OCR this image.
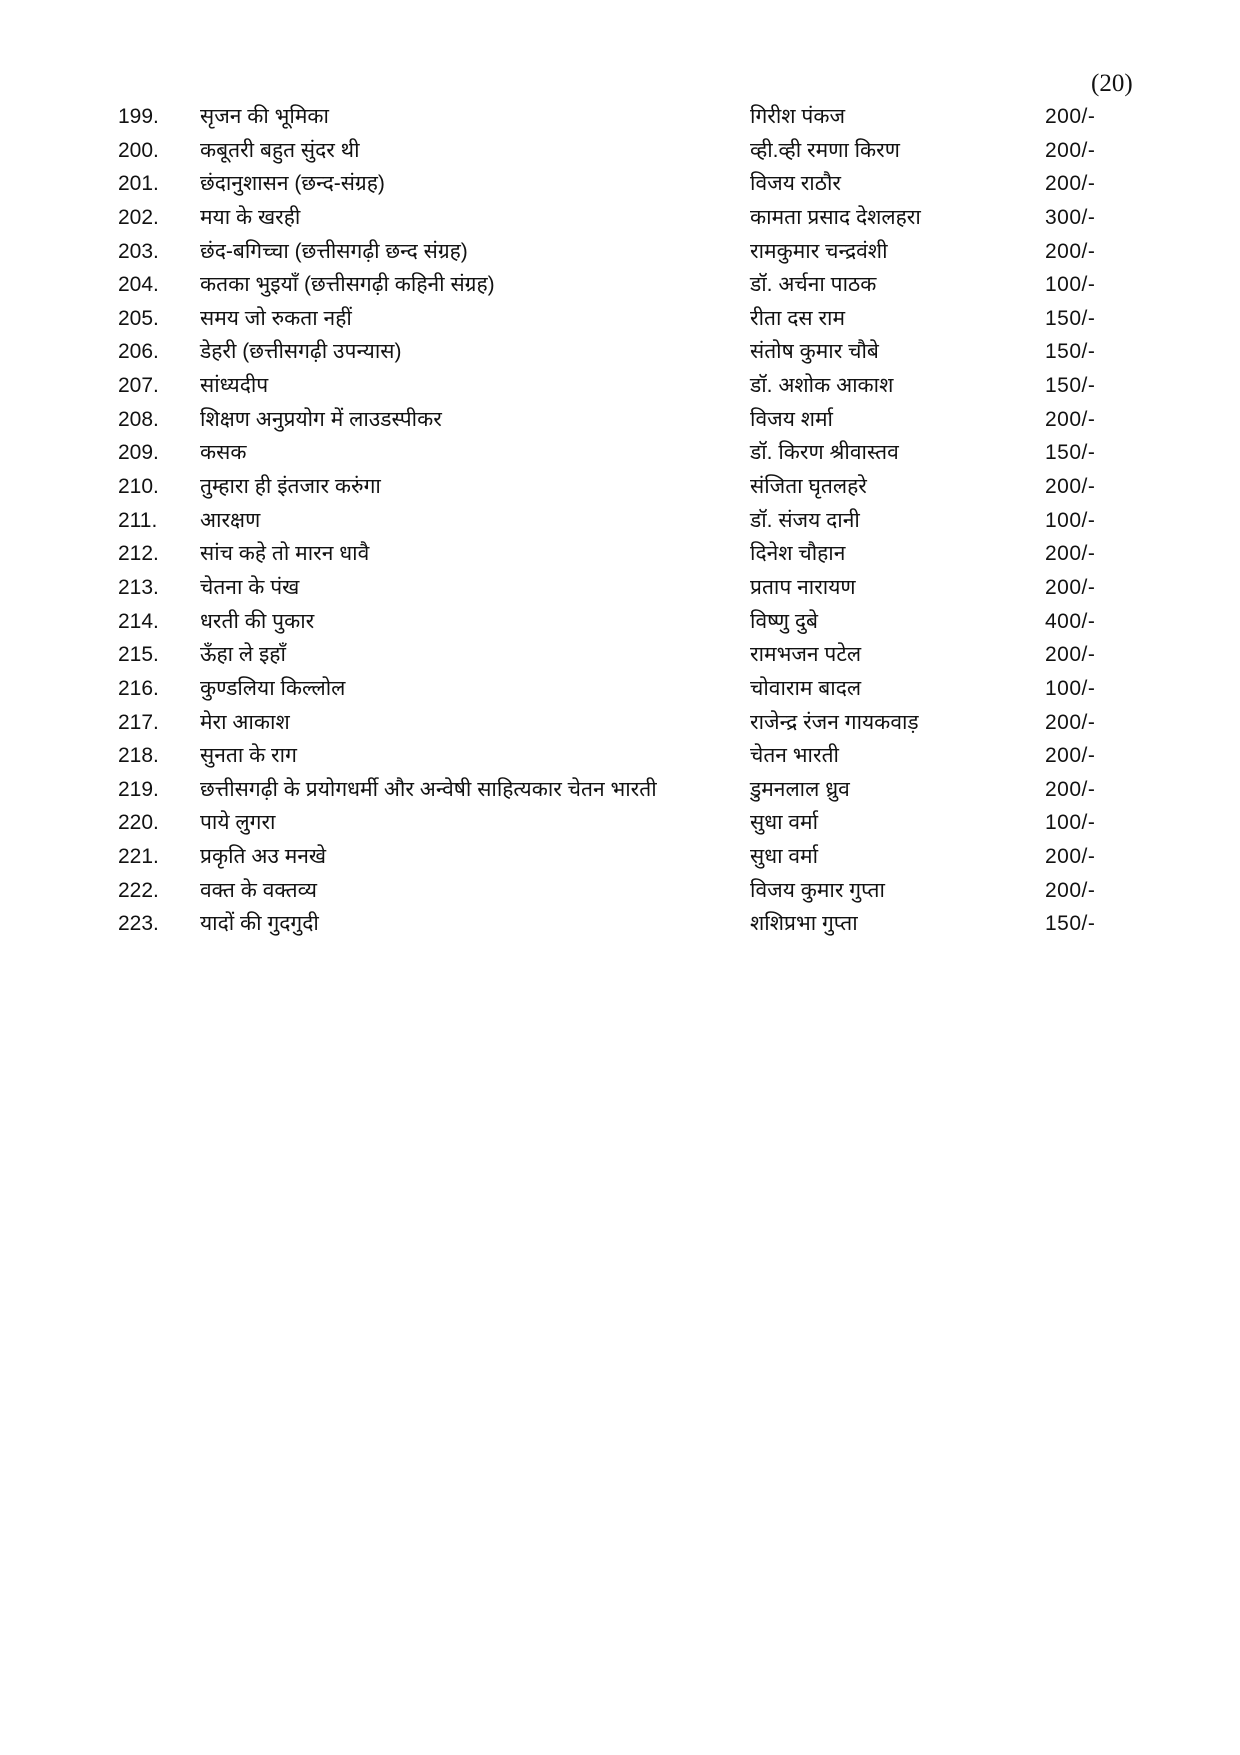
(20)
199.	सृजन की भूमिका	गिरीश पंकज	200/-
200.	कबूतरी बहुत सुंदर थी	व्ही.व्ही रमणा किरण	200/-
201.	छंदानुशासन (छन्द-संग्रह)	विजय राठौर	200/-
202.	मया के खरही	कामता प्रसाद देशलहरा	300/-
203.	छंद-बगिच्चा (छत्तीसगढ़ी छन्द संग्रह)	रामकुमार चन्द्रवंशी	200/-
204.	कतका भुइयाँ (छत्तीसगढ़ी कहिनी संग्रह)	डॉ. अर्चना पाठक	100/-
205.	समय जो रुकता नहीं	रीता दस राम	150/-
206.	डेहरी (छत्तीसगढ़ी उपन्यास)	संतोष कुमार चौबे	150/-
207.	सांध्यदीप	डॉ. अशोक आकाश	150/-
208.	शिक्षण अनुप्रयोग में लाउडस्पीकर	विजय शर्मा	200/-
209.	कसक	डॉ. किरण श्रीवास्तव	150/-
210.	तुम्हारा ही इंतजार करुंगा	संजिता घृतलहरे	200/-
211.	आरक्षण	डॉ. संजय दानी	100/-
212.	सांच कहे तो मारन धावै	दिनेश चौहान	200/-
213.	चेतना के पंख	प्रताप नारायण	200/-
214.	धरती की पुकार	विष्णु दुबे	400/-
215.	ऊँहा ले इहाँ	रामभजन पटेल	200/-
216.	कुण्डलिया किल्लोल	चोवाराम बादल	100/-
217.	मेरा आकाश	राजेन्द्र रंजन गायकवाड़	200/-
218.	सुनता के राग	चेतन भारती	200/-
219.	छत्तीसगढ़ी के प्रयोगधर्मी और अन्वेषी साहित्यकार चेतन भारती	डुमनलाल ध्रुव	200/-
220.	पाये लुगरा	सुधा वर्मा	100/-
221.	प्रकृति अउ मनखे	सुधा वर्मा	200/-
222.	वक्त के वक्तव्य	विजय कुमार गुप्ता	200/-
223.	यादों की गुदगुदी	शशिप्रभा गुप्ता	150/-
